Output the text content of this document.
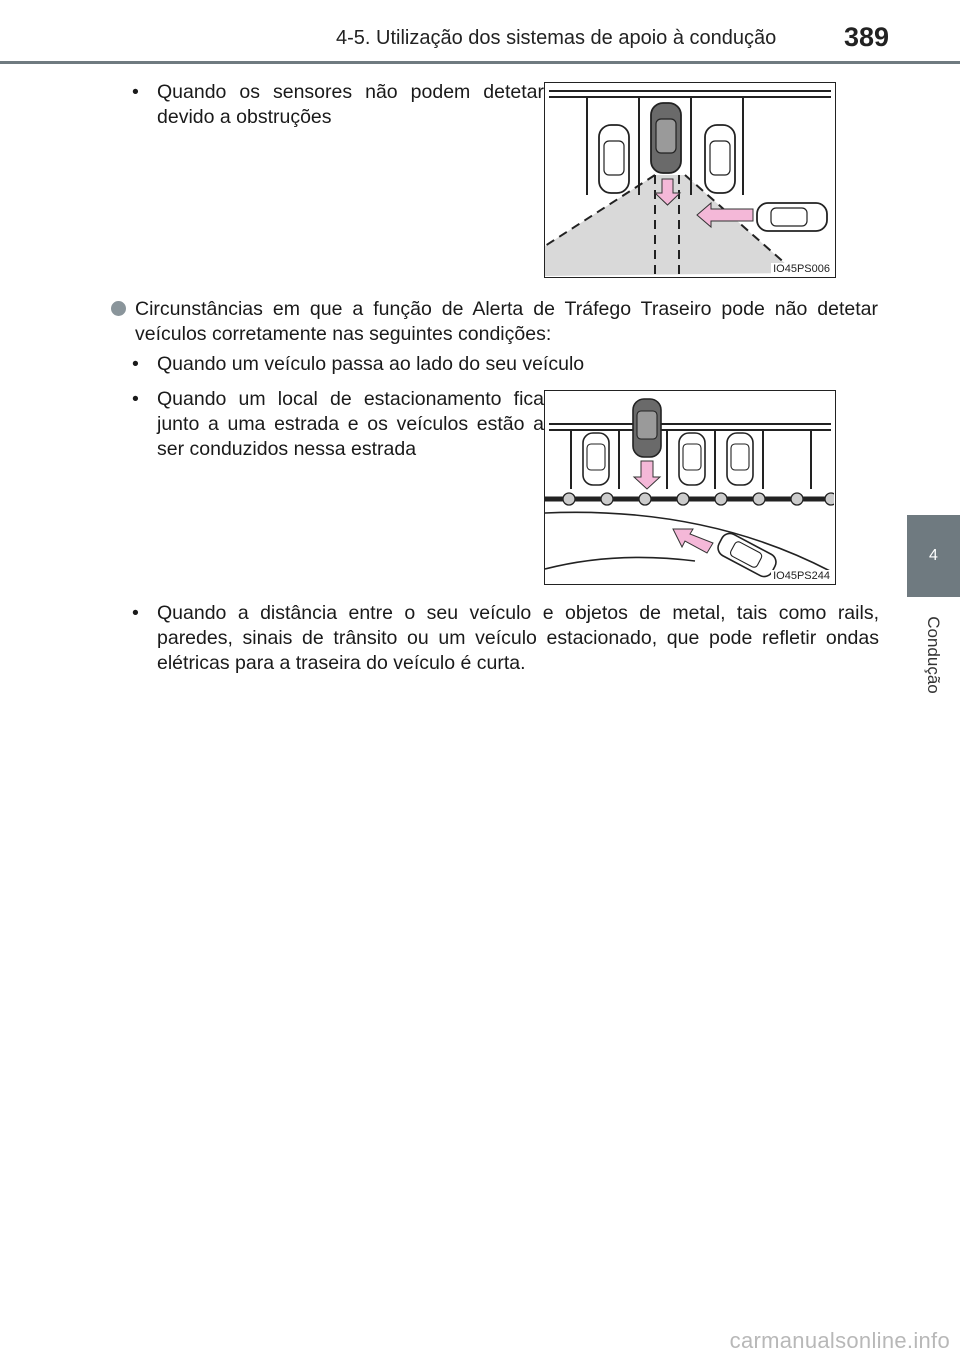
4-5. Utilização dos sistemas de apoio à condução	389
4
Condução
• Quando os sensores não podem detetar devido a obstruções
IO45PS006
Circunstâncias em que a função de Alerta de Tráfego Traseiro pode não detetar veículos corretamente nas seguintes condições:
• Quando um veículo passa ao lado do seu veículo
• Quando um local de estacionamento fica junto a uma estrada e os veículos estão a ser conduzidos nessa estrada
IO45PS244
• Quando a distância entre o seu veículo e objetos de metal, tais como rails, paredes, sinais de trânsito ou um veículo estacionado, que pode refletir ondas elétricas para a traseira do veículo é curta.
carmanualsonline.info
